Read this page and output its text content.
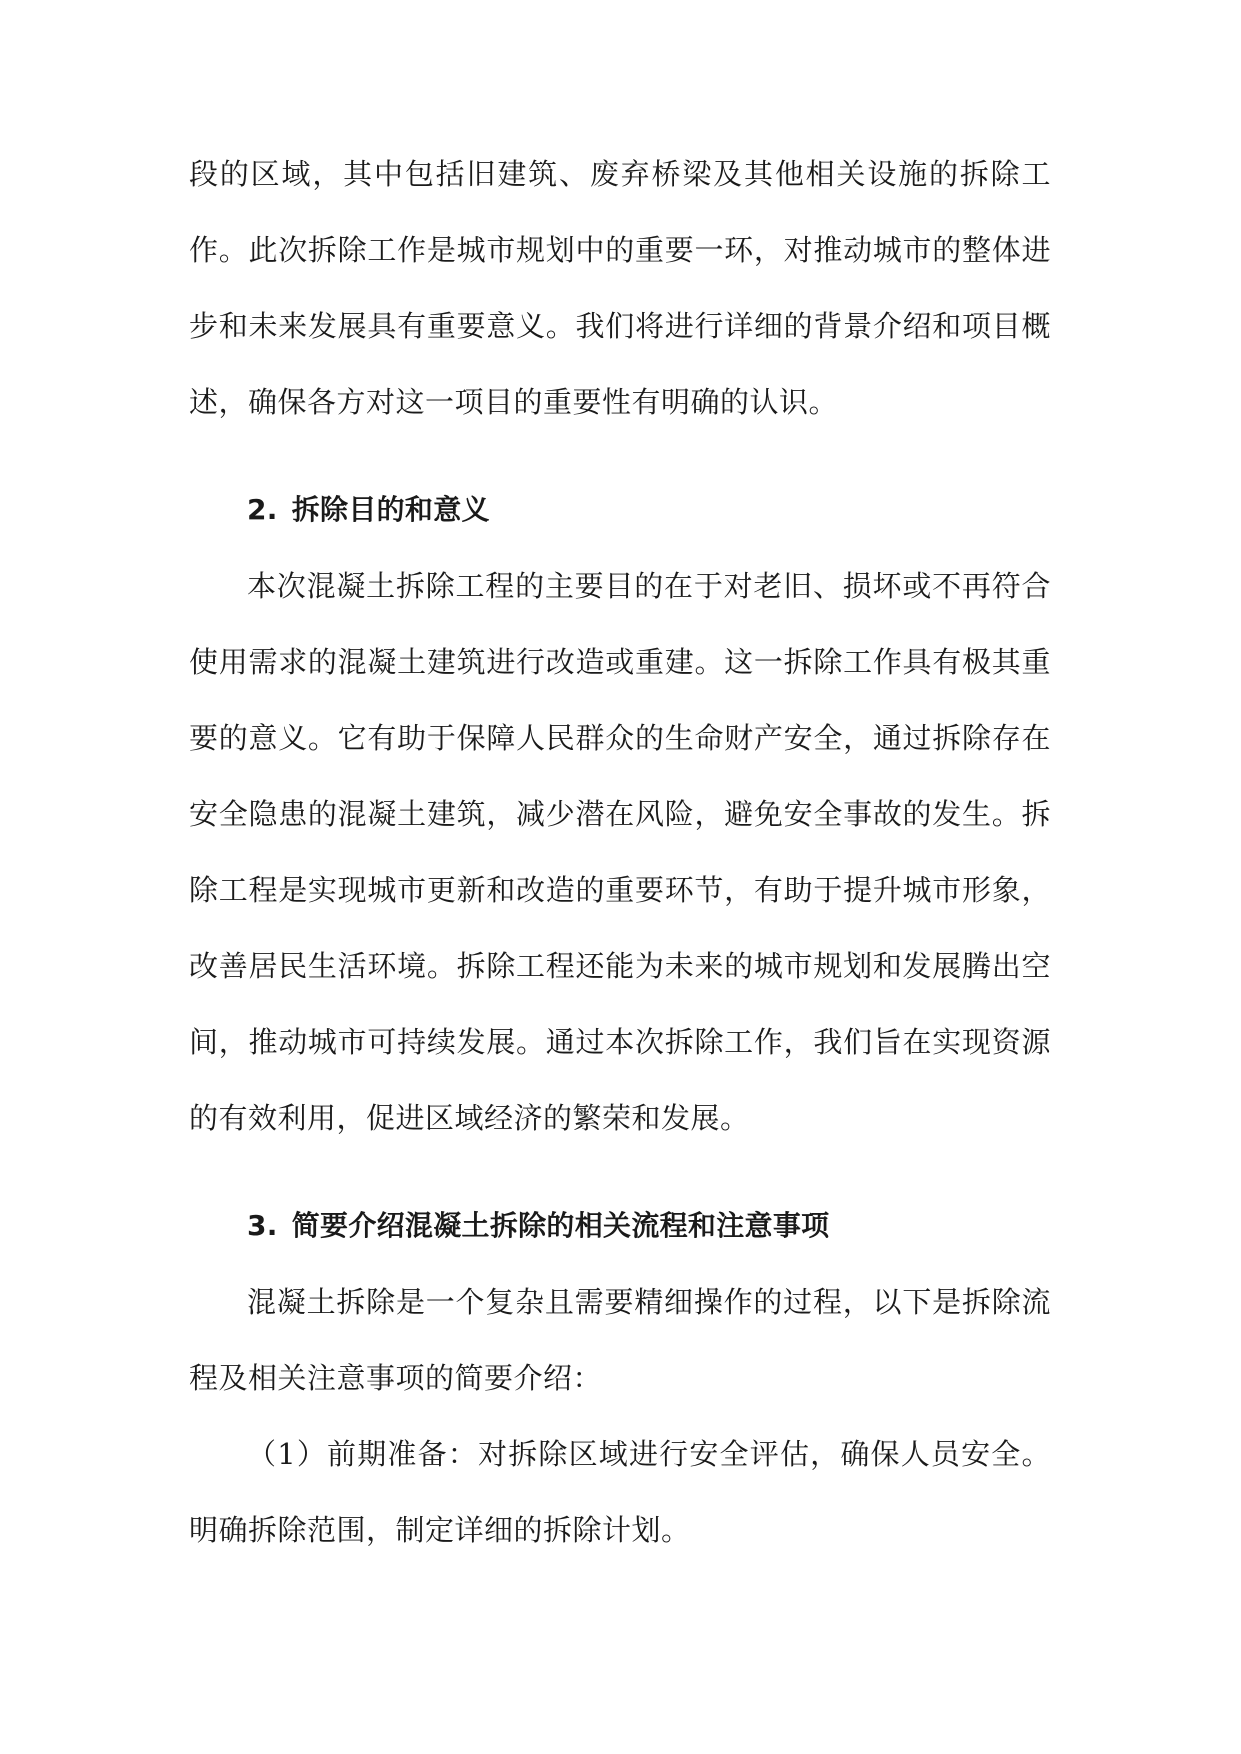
段的区域，其中包括旧建筑、废弃桥梁及其他相关设施的拆除工作。此次拆除工作是城市规划中的重要一环，对推动城市的整体进步和未来发展具有重要意义。我们将进行详细的背景介绍和项目概述，确保各方对这一项目的重要性有明确的认识。

2. 拆除目的和意义

本次混凝土拆除工程的主要目的在于对老旧、损坏或不再符合使用需求的混凝土建筑进行改造或重建。这一拆除工作具有极其重要的意义。它有助于保障人民群众的生命财产安全，通过拆除存在安全隐患的混凝土建筑，减少潜在风险，避免安全事故的发生。拆除工程是实现城市更新和改造的重要环节，有助于提升城市形象，改善居民生活环境。拆除工程还能为未来的城市规划和发展腾出空间，推动城市可持续发展。通过本次拆除工作，我们旨在实现资源的有效利用，促进区域经济的繁荣和发展。

3. 简要介绍混凝土拆除的相关流程和注意事项

混凝土拆除是一个复杂且需要精细操作的过程，以下是拆除流程及相关注意事项的简要介绍：

（1）前期准备：对拆除区域进行安全评估，确保人员安全。明确拆除范围，制定详细的拆除计划。
